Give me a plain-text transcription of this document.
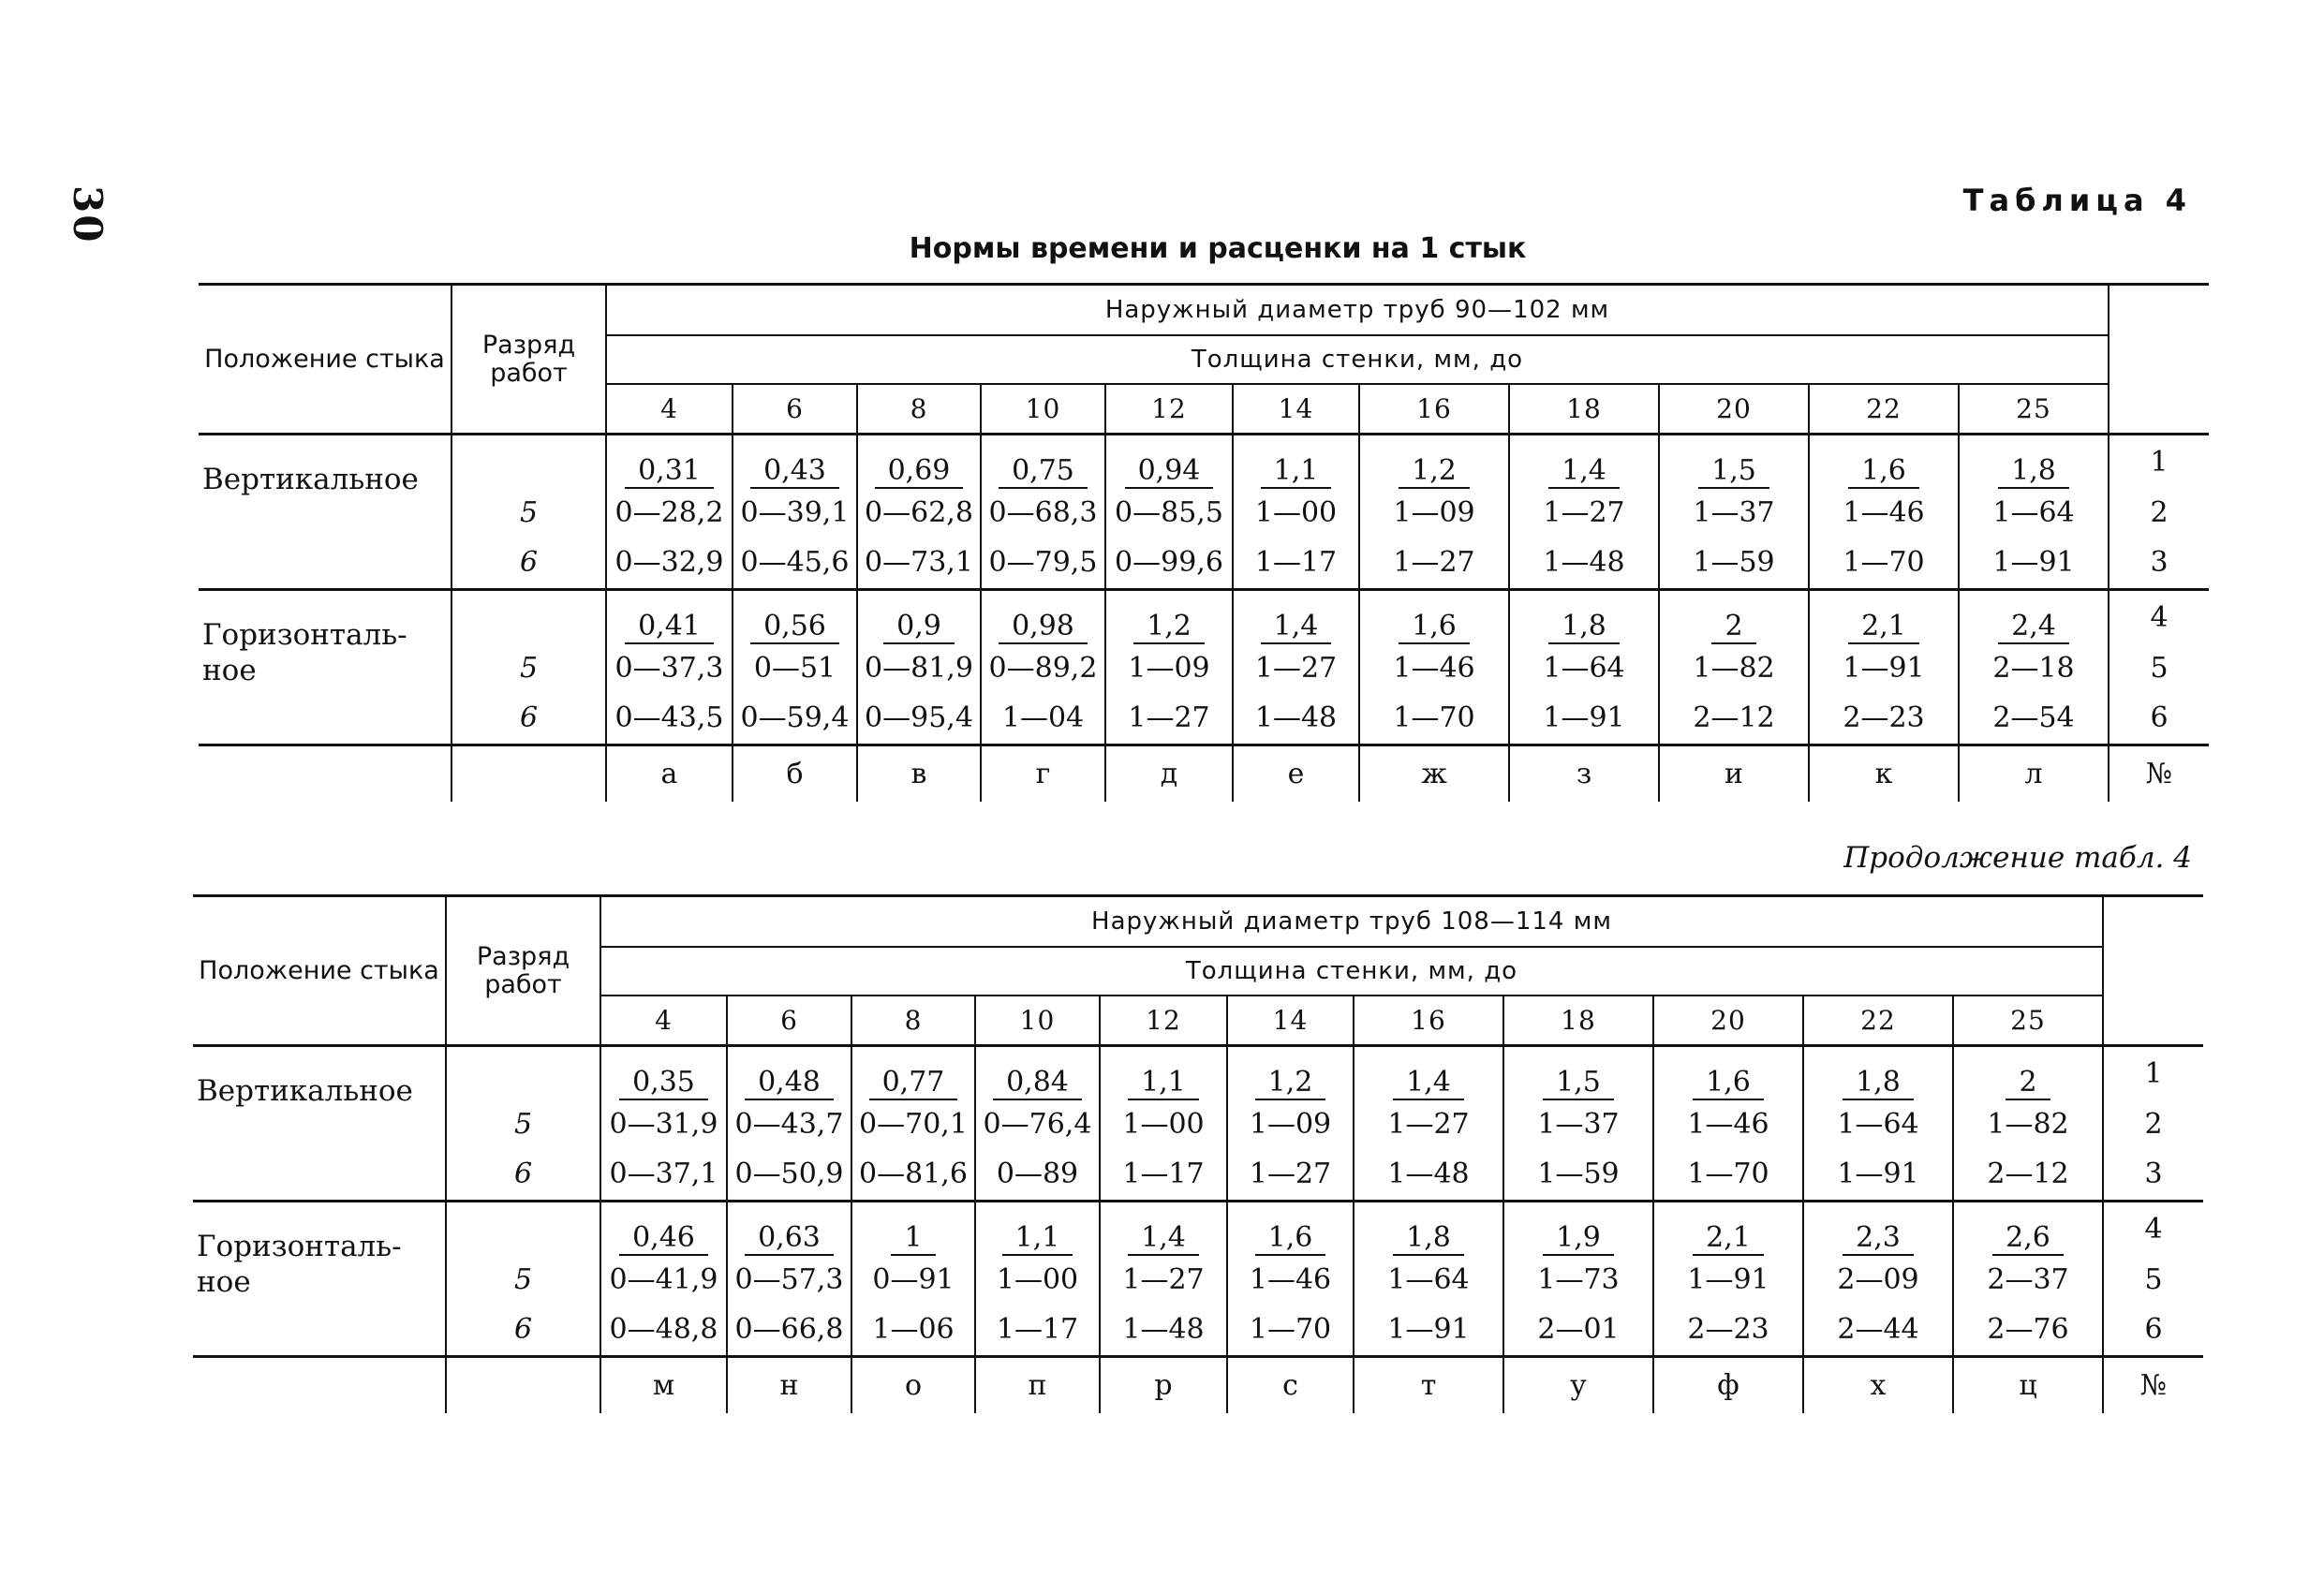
30	Таблица 4
Нормы времени и расценки на 1 стык
Продолжение табл. 4
Положение стыка	Разряд работ	Наружный диаметр труб 90—102 мм											
		Толщина стенки, мм, до											
		4	6	8	10	12	14	16	18	20	22	25	
Вертикальное		0,31	0,43	0,69	0,75	0,94	1,1	1,2	1,4	1,5	1,6	1,8	1
	5	0—28,2	0—39,1	0—62,8	0—68,3	0—85,5	1—00	1—09	1—27	1—37	1—46	1—64	2
	6	0—32,9	0—45,6	0—73,1	0—79,5	0—99,6	1—17	1—27	1—48	1—59	1—70	1—91	3
Горизонталь-ное		0,41	0,56	0,9	0,98	1,2	1,4	1,6	1,8	2	2,1	2,4	4
	5	0—37,3	0—51	0—81,9	0—89,2	1—09	1—27	1—46	1—64	1—82	1—91	2—18	5
	6	0—43,5	0—59,4	0—95,4	1—04	1—27	1—48	1—70	1—91	2—12	2—23	2—54	6
		а	б	в	г	д	е	ж	з	и	к	л	№
Положение стыка	Разряд работ	Наружный диаметр труб 108—114 мм											
		Толщина стенки, мм, до											
		4	6	8	10	12	14	16	18	20	22	25	
Вертикальное		0,35	0,48	0,77	0,84	1,1	1,2	1,4	1,5	1,6	1,8	2	1
	5	0—31,9	0—43,7	0—70,1	0—76,4	1—00	1—09	1—27	1—37	1—46	1—64	1—82	2
	6	0—37,1	0—50,9	0—81,6	0—89	1—17	1—27	1—48	1—59	1—70	1—91	2—12	3
Горизонталь-ное		0,46	0,63	1	1,1	1,4	1,6	1,8	1,9	2,1	2,3	2,6	4
	5	0—41,9	0—57,3	0—91	1—00	1—27	1—46	1—64	1—73	1—91	2—09	2—37	5
	6	0—48,8	0—66,8	1—06	1—17	1—48	1—70	1—91	2—01	2—23	2—44	2—76	6
		м	н	о	п	р	с	т	у	ф	х	ц	№
